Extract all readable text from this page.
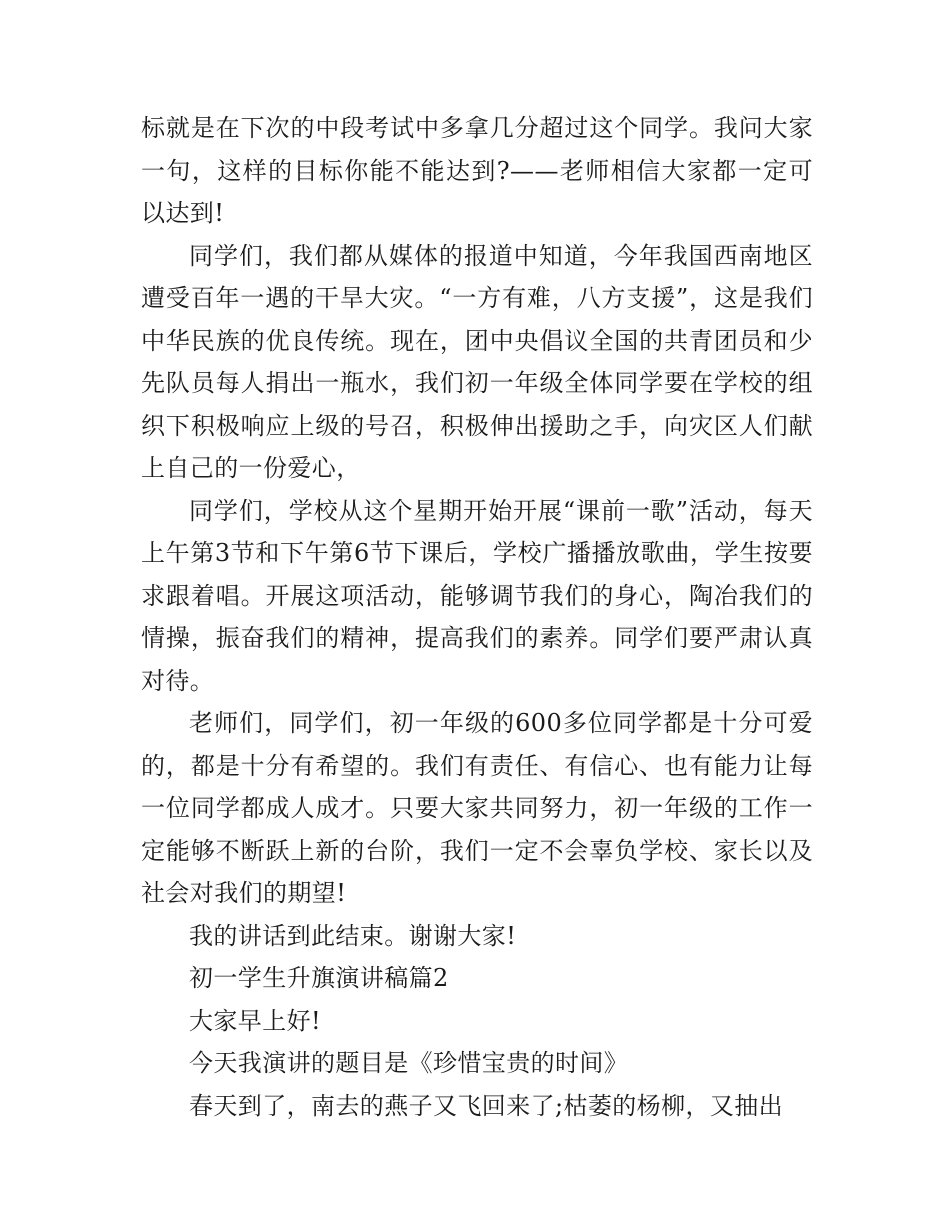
标就是在下次的中段考试中多拿几分超过这个同学。我问大家一句，这样的目标你能不能达到?——老师相信大家都一定可以达到!

同学们，我们都从媒体的报道中知道，今年我国西南地区遭受百年一遇的干旱大灾。“一方有难，八方支援”，这是我们中华民族的优良传统。现在，团中央倡议全国的共青团员和少先队员每人捐出一瓶水，我们初一年级全体同学要在学校的组织下积极响应上级的号召，积极伸出援助之手，向灾区人们献上自己的一份爱心，

同学们，学校从这个星期开始开展“课前一歌”活动，每天上午第3节和下午第6节下课后，学校广播播放歌曲，学生按要求跟着唱。开展这项活动，能够调节我们的身心，陶冶我们的情操，振奋我们的精神，提高我们的素养。同学们要严肃认真对待。

老师们，同学们，初一年级的600多位同学都是十分可爱的，都是十分有希望的。我们有责任、有信心、也有能力让每一位同学都成人成才。只要大家共同努力，初一年级的工作一定能够不断跃上新的台阶，我们一定不会辜负学校、家长以及社会对我们的期望!

我的讲话到此结束。谢谢大家!

初一学生升旗演讲稿篇2

大家早上好!

今天我演讲的题目是《珍惜宝贵的时间》

春天到了，南去的燕子又飞回来了;枯萎的杨柳，又抽出
